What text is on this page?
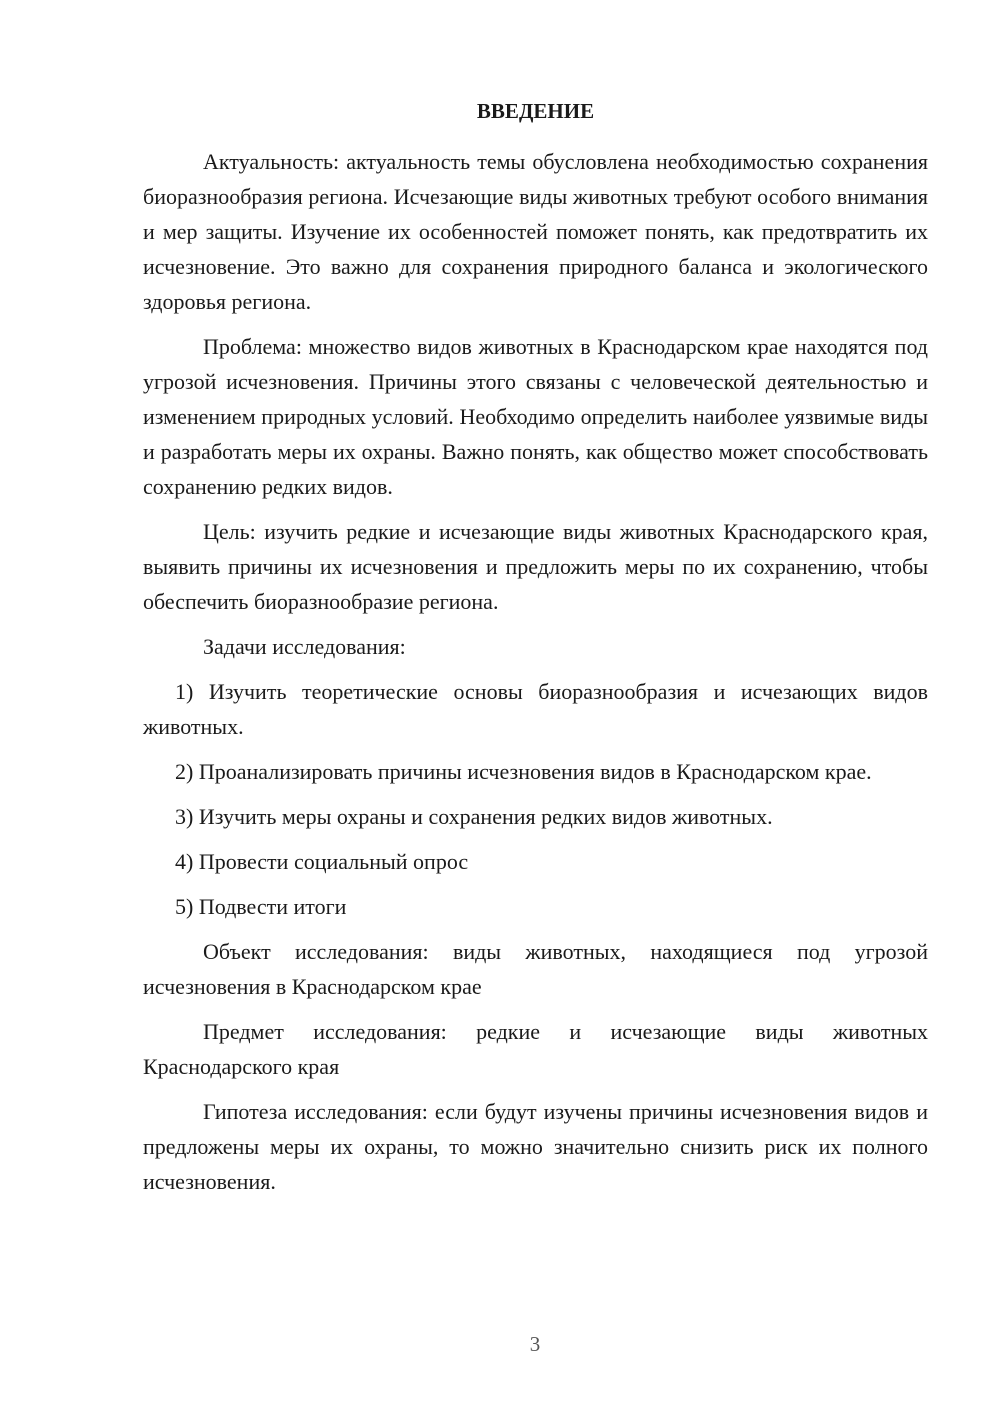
ВВЕДЕНИЕ

Актуальность: актуальность темы обусловлена необходимостью сохранения биоразнообразия региона. Исчезающие виды животных требуют особого внимания и мер защиты. Изучение их особенностей поможет понять, как предотвратить их исчезновение. Это важно для сохранения природного баланса и экологического здоровья региона.

Проблема: множество видов животных в Краснодарском крае находятся под угрозой исчезновения. Причины этого связаны с человеческой деятельностью и изменением природных условий. Необходимо определить наиболее уязвимые виды и разработать меры их охраны. Важно понять, как общество может способствовать сохранению редких видов.

Цель: изучить редкие и исчезающие виды животных Краснодарского края, выявить причины их исчезновения и предложить меры по их сохранению, чтобы обеспечить биоразнообразие региона.

Задачи исследования:

1) Изучить теоретические основы биоразнообразия и исчезающих видов животных.

2) Проанализировать причины исчезновения видов в Краснодарском крае.

3) Изучить меры охраны и сохранения редких видов животных.

4) Провести социальный опрос

5) Подвести итоги

Объект исследования: виды животных, находящиеся под угрозой исчезновения в Краснодарском крае

Предмет исследования: редкие и исчезающие виды животных Краснодарского края

Гипотеза исследования: если будут изучены причины исчезновения видов и предложены меры их охраны, то можно значительно снизить риск их полного исчезновения.

3
